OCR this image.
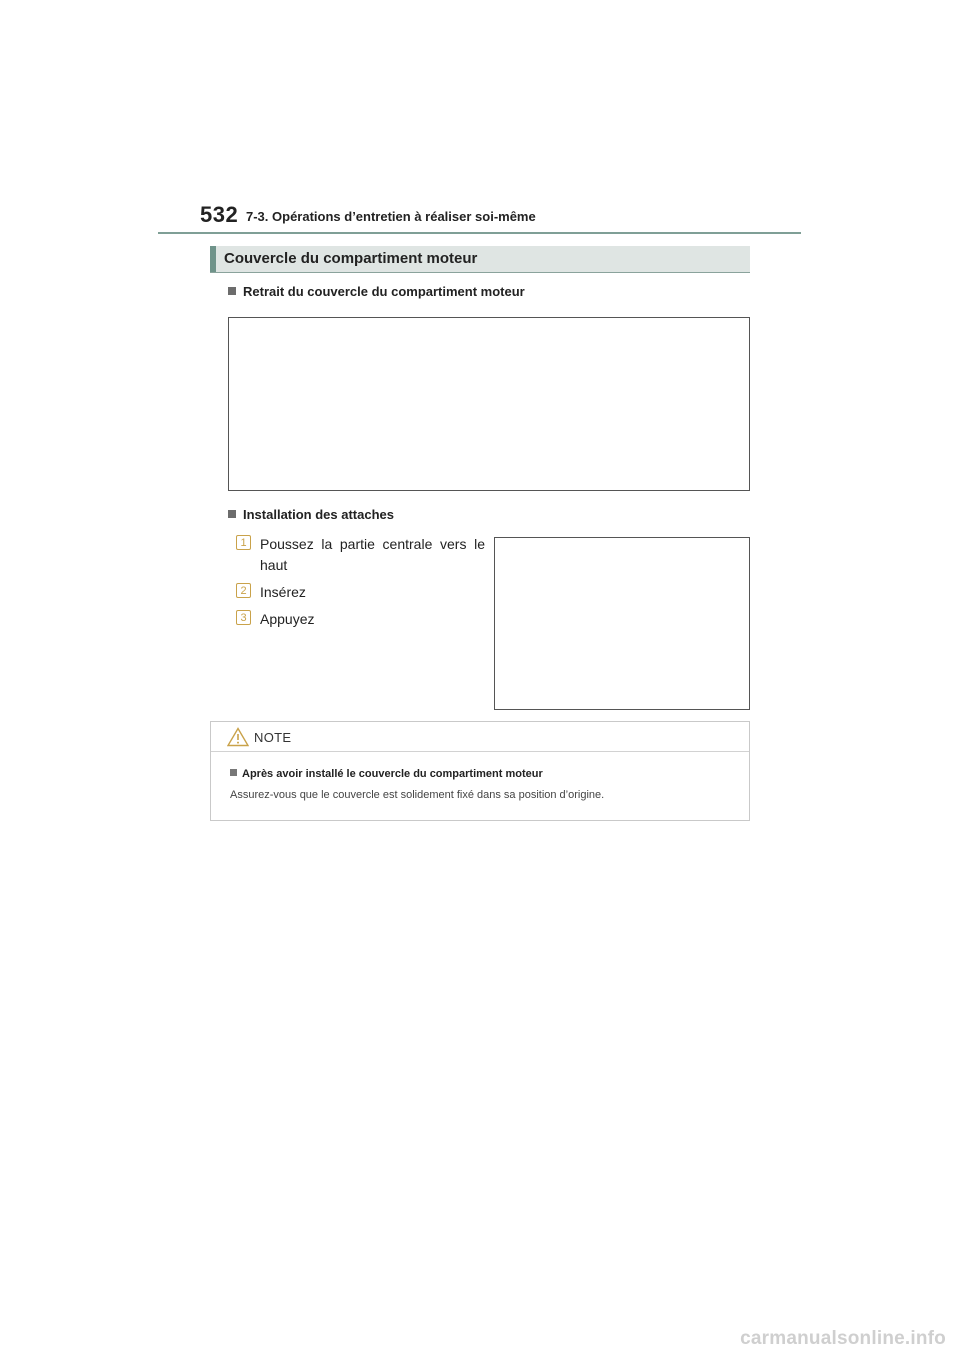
532 7-3. Opérations d’entretien à réaliser soi-même
Couvercle du compartiment moteur
Retrait du couvercle du compartiment moteur
Installation des attaches
1 Poussez la partie centrale vers le haut
2 Insérez
3 Appuyez
NOTE
Après avoir installé le couvercle du compartiment moteur
Assurez-vous que le couvercle est solidement fixé dans sa position d’origine.
carmanualsonline.info
